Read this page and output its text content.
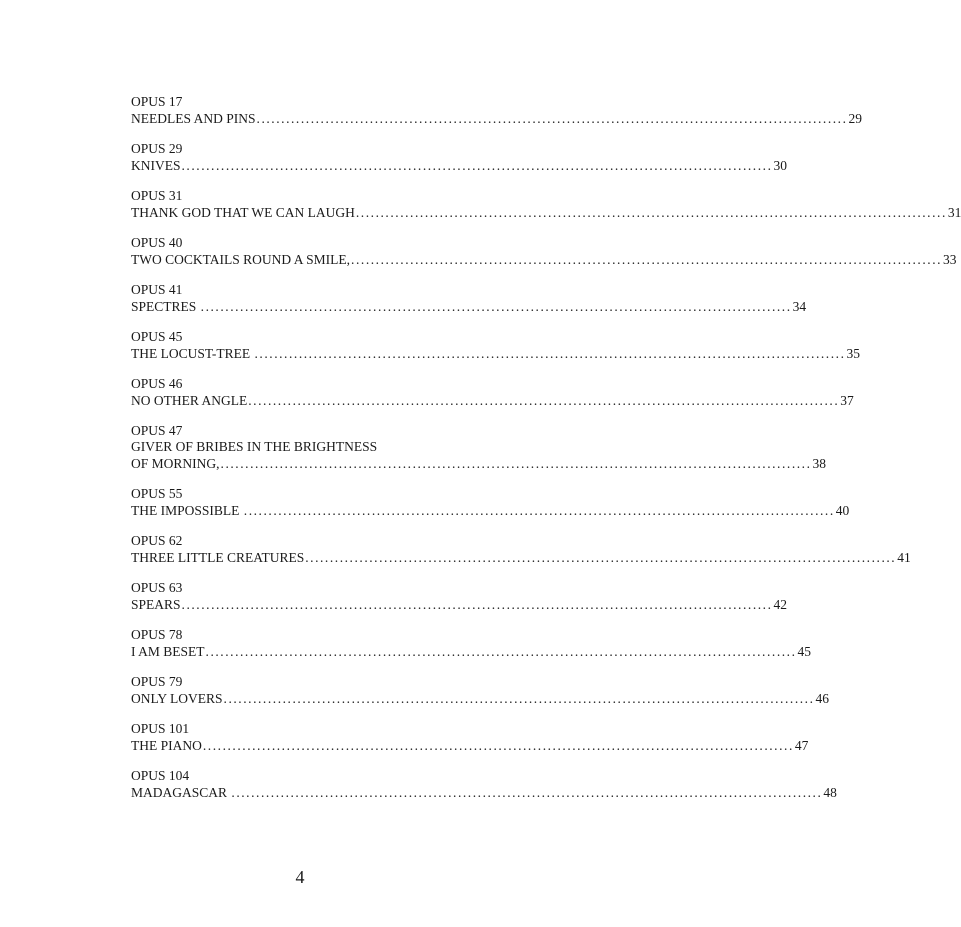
OPUS 17
NEEDLES AND PINS ........................................................................................................................ 29
OPUS 29
KNIVES ........................................................................................................................ 30
OPUS 31
THANK GOD THAT WE CAN LAUGH ........................................................................................................................ 31
OPUS 40
TWO COCKTAILS ROUND A SMILE, ........................................................................................................................ 33
OPUS 41
SPECTRES ........................................................................................................................ 34
OPUS 45
THE LOCUST-TREE ........................................................................................................................ 35
OPUS 46
NO OTHER ANGLE ........................................................................................................................ 37
OPUS 47
GIVER OF BRIBES IN THE BRIGHTNESS
OF MORNING, ........................................................................................................................ 38
OPUS 55
THE IMPOSSIBLE ........................................................................................................................ 40
OPUS 62
THREE LITTLE CREATURES ........................................................................................................................ 41
OPUS 63
SPEARS ........................................................................................................................ 42
OPUS 78
I AM BESET ........................................................................................................................ 45
OPUS 79
ONLY LOVERS ........................................................................................................................ 46
OPUS 101
THE PIANO ........................................................................................................................ 47
OPUS 104
MADAGASCAR ........................................................................................................................ 48
4
